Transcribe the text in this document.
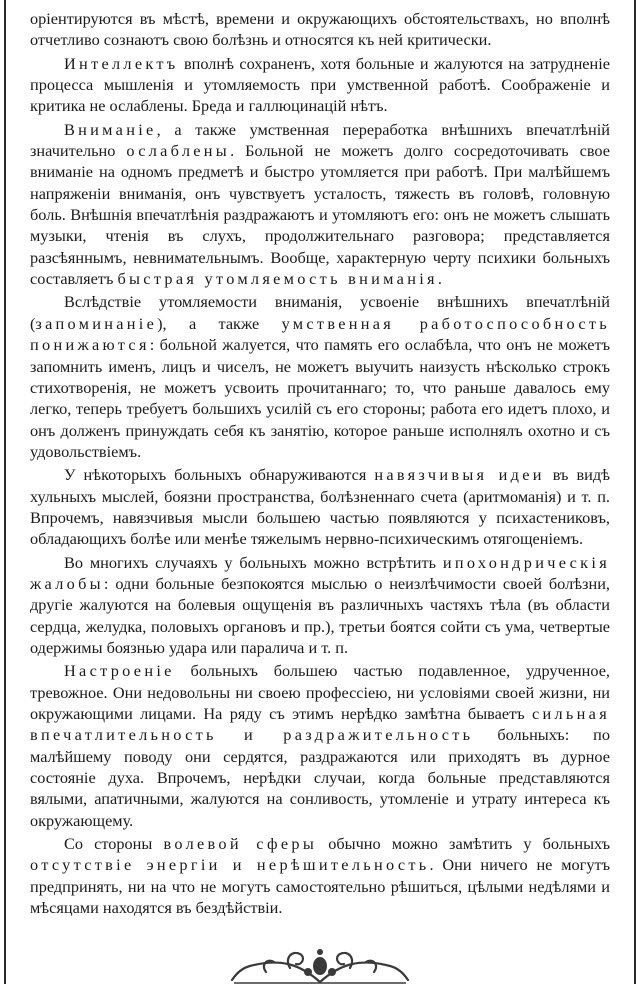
оріентируются въ мѣстѣ, времени и окружающихъ обстоятельствахъ, но вполнѣ отчетливо сознаютъ свою болѣзнь и относятся къ ней критически.

Интеллектъ вполнѣ сохраненъ, хотя больные и жалуются на затрудненіе процесса мышленія и утомляемость при умственной работѣ. Соображеніе и критика не ослаблены. Бреда и галлюцинацій нѣтъ.

Вниманіе, а также умственная переработка внѣшнихъ впечатлѣній значительно ослаблены. Больной не можетъ долго сосредоточивать свое вниманіе на одномъ предметѣ и быстро утомляется при работѣ. При малѣйшемъ напряженіи вниманія, онъ чувствуетъ усталость, тяжесть въ головѣ, головную боль. Внѣшнія впечатлѣнія раздражаютъ и утомляютъ его: онъ не можетъ слышать музыки, чтенія въ слухъ, продолжительнаго разговора; представляется разсѣяннымъ, невнимательнымъ. Вообще, характерную черту психики больныхъ составляетъ быстрая утомляемость вниманія.

Вслѣдствіе утомляемости вниманія, усвоеніе внѣшнихъ впечатлѣній (запоминаніе), а также умственная работоспособность понижаются: больной жалуется, что память его ослабѣла, что онъ не можетъ запомнить именъ, лицъ и чиселъ, не можетъ выучить наизусть нѣсколько строкъ стихотворенія, не можетъ усвоить прочитаннаго; то, что раньше давалось ему легко, теперь требуетъ большихъ усилій съ его стороны; работа его идетъ плохо, и онъ долженъ принуждать себя къ занятію, которое раньше исполнялъ охотно и съ удовольствіемъ.

У нѣкоторыхъ больныхъ обнаруживаются навязчивыя идеи въ видѣ хульныхъ мыслей, боязни пространства, болѣзненнаго счета (аритмоманія) и т. п. Впрочемъ, навязчивыя мысли большею частью появляются у психастениковъ, обладающихъ болѣе или менѣе тяжелымъ нервно-психическимъ отягощеніемъ.

Во многихъ случаяхъ у больныхъ можно встрѣтить ипохондрическія жалобы: одни больные безпокоятся мыслью о неизлѣчимости своей болѣзни, другіе жалуются на болевыя ощущенія въ различныхъ частяхъ тѣла (въ области сердца, желудка, половыхъ органовъ и пр.), третьи боятся сойти съ ума, четвертые одержимы боязнью удара или паралича и т. п.

Настроеніе больныхъ большею частью подавленное, удрученное, тревожное. Они недовольны ни своею профессіею, ни условіями своей жизни, ни окружающими лицами. На ряду съ этимъ нерѣдко замѣтна бываетъ сильная впечатлительность и раздражительность больныхъ: по малѣйшему поводу они сердятся, раздражаются или приходятъ въ дурное состояніе духа. Впрочемъ, нерѣдки случаи, когда больные представляются вялыми, апатичными, жалуются на сонливость, утомленіе и утрату интереса къ окружающему.

Со стороны волевой сферы обычно можно замѣтить у больныхъ отсутствіе энергіи и нерѣшительность. Они ничего не могутъ предпринять, ни на что не могутъ самостоятельно рѣшиться, цѣлыми недѣлями и мѣсяцами находятся въ бездѣйствіи.
